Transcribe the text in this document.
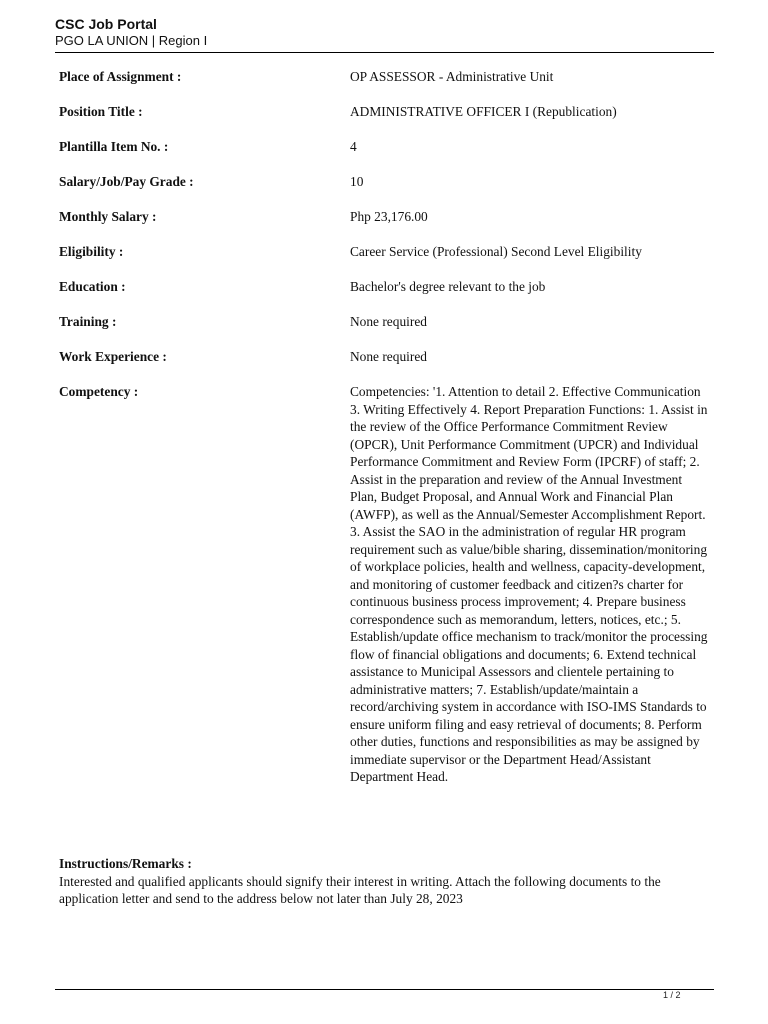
CSC Job Portal
PGO LA UNION | Region I
Place of Assignment :	OP ASSESSOR - Administrative Unit
Position Title :	ADMINISTRATIVE OFFICER I (Republication)
Plantilla Item No. :	4
Salary/Job/Pay Grade :	10
Monthly Salary :	Php 23,176.00
Eligibility :	Career Service (Professional) Second Level Eligibility
Education :	Bachelor's degree relevant to the job
Training :	None required
Work Experience :	None required
Competency :	Competencies: '1. Attention to detail 2. Effective Communication 3. Writing Effectively 4. Report Preparation Functions: 1. Assist in the review of the Office Performance Commitment Review (OPCR), Unit Performance Commitment (UPCR) and Individual Performance Commitment and Review Form (IPCRF) of staff; 2. Assist in the preparation and review of the Annual Investment Plan, Budget Proposal, and Annual Work and Financial Plan (AWFP), as well as the Annual/Semester Accomplishment Report. 3. Assist the SAO in the administration of regular HR program requirement such as value/bible sharing, dissemination/monitoring of workplace policies, health and wellness, capacity-development, and monitoring of customer feedback and citizen?s charter for continuous business process improvement; 4. Prepare business correspondence such as memorandum, letters, notices, etc.; 5. Establish/update office mechanism to track/monitor the processing flow of financial obligations and documents; 6. Extend technical assistance to Municipal Assessors and clientele pertaining to administrative matters; 7. Establish/update/maintain a record/archiving system in accordance with ISO-IMS Standards to ensure uniform filing and easy retrieval of documents; 8. Perform other duties, functions and responsibilities as may be assigned by immediate supervisor or the Department Head/Assistant Department Head.
Instructions/Remarks :
Interested and qualified applicants should signify their interest in writing. Attach the following documents to the application letter and send to the address below not later than July 28, 2023
1 / 2
